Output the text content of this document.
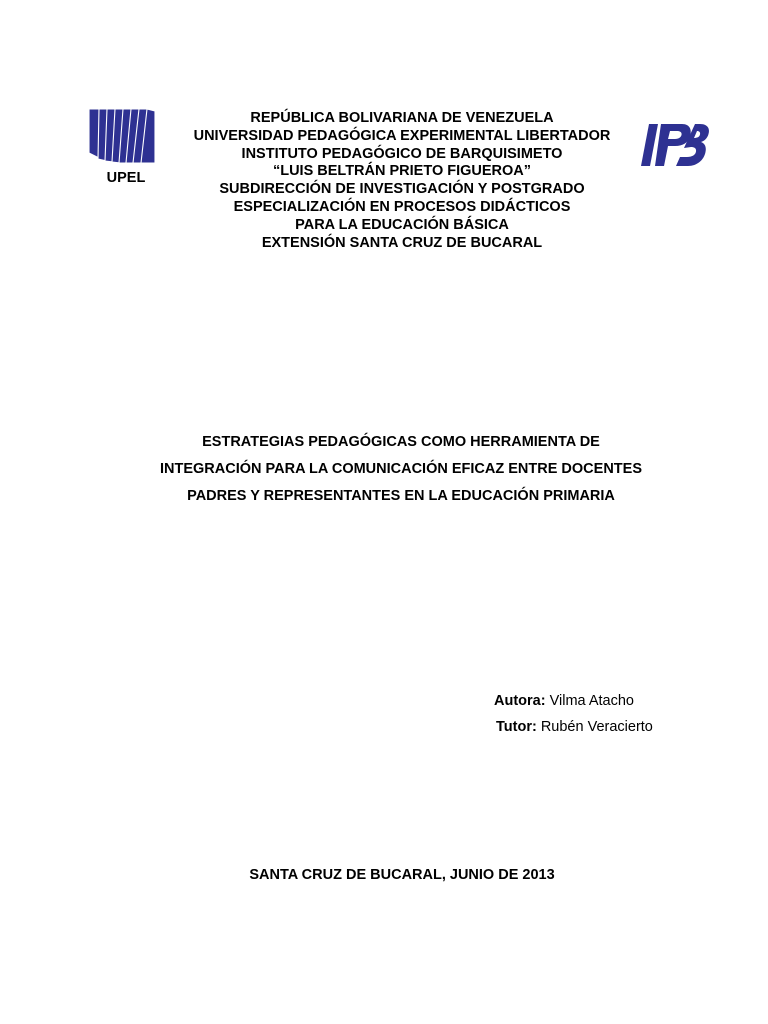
UPEL
REPÚBLICA BOLIVARIANA DE VENEZUELA
UNIVERSIDAD PEDAGÓGICA EXPERIMENTAL LIBERTADOR
INSTITUTO PEDAGÓGICO DE BARQUISIMETO
“LUIS BELTRÁN PRIETO FIGUEROA”
SUBDIRECCIÓN DE INVESTIGACIÓN Y POSTGRADO
ESPECIALIZACIÓN EN PROCESOS DIDÁCTICOS
PARA LA EDUCACIÓN BÁSICA
EXTENSIÓN SANTA CRUZ DE BUCARAL
ESTRATEGIAS PEDAGÓGICAS COMO HERRAMIENTA DE
INTEGRACIÓN PARA LA COMUNICACIÓN EFICAZ ENTRE DOCENTES
PADRES Y REPRESENTANTES EN LA EDUCACIÓN PRIMARIA
Autora: Vilma Atacho
Tutor: Rubén Veracierto
SANTA CRUZ DE BUCARAL, JUNIO DE 2013
